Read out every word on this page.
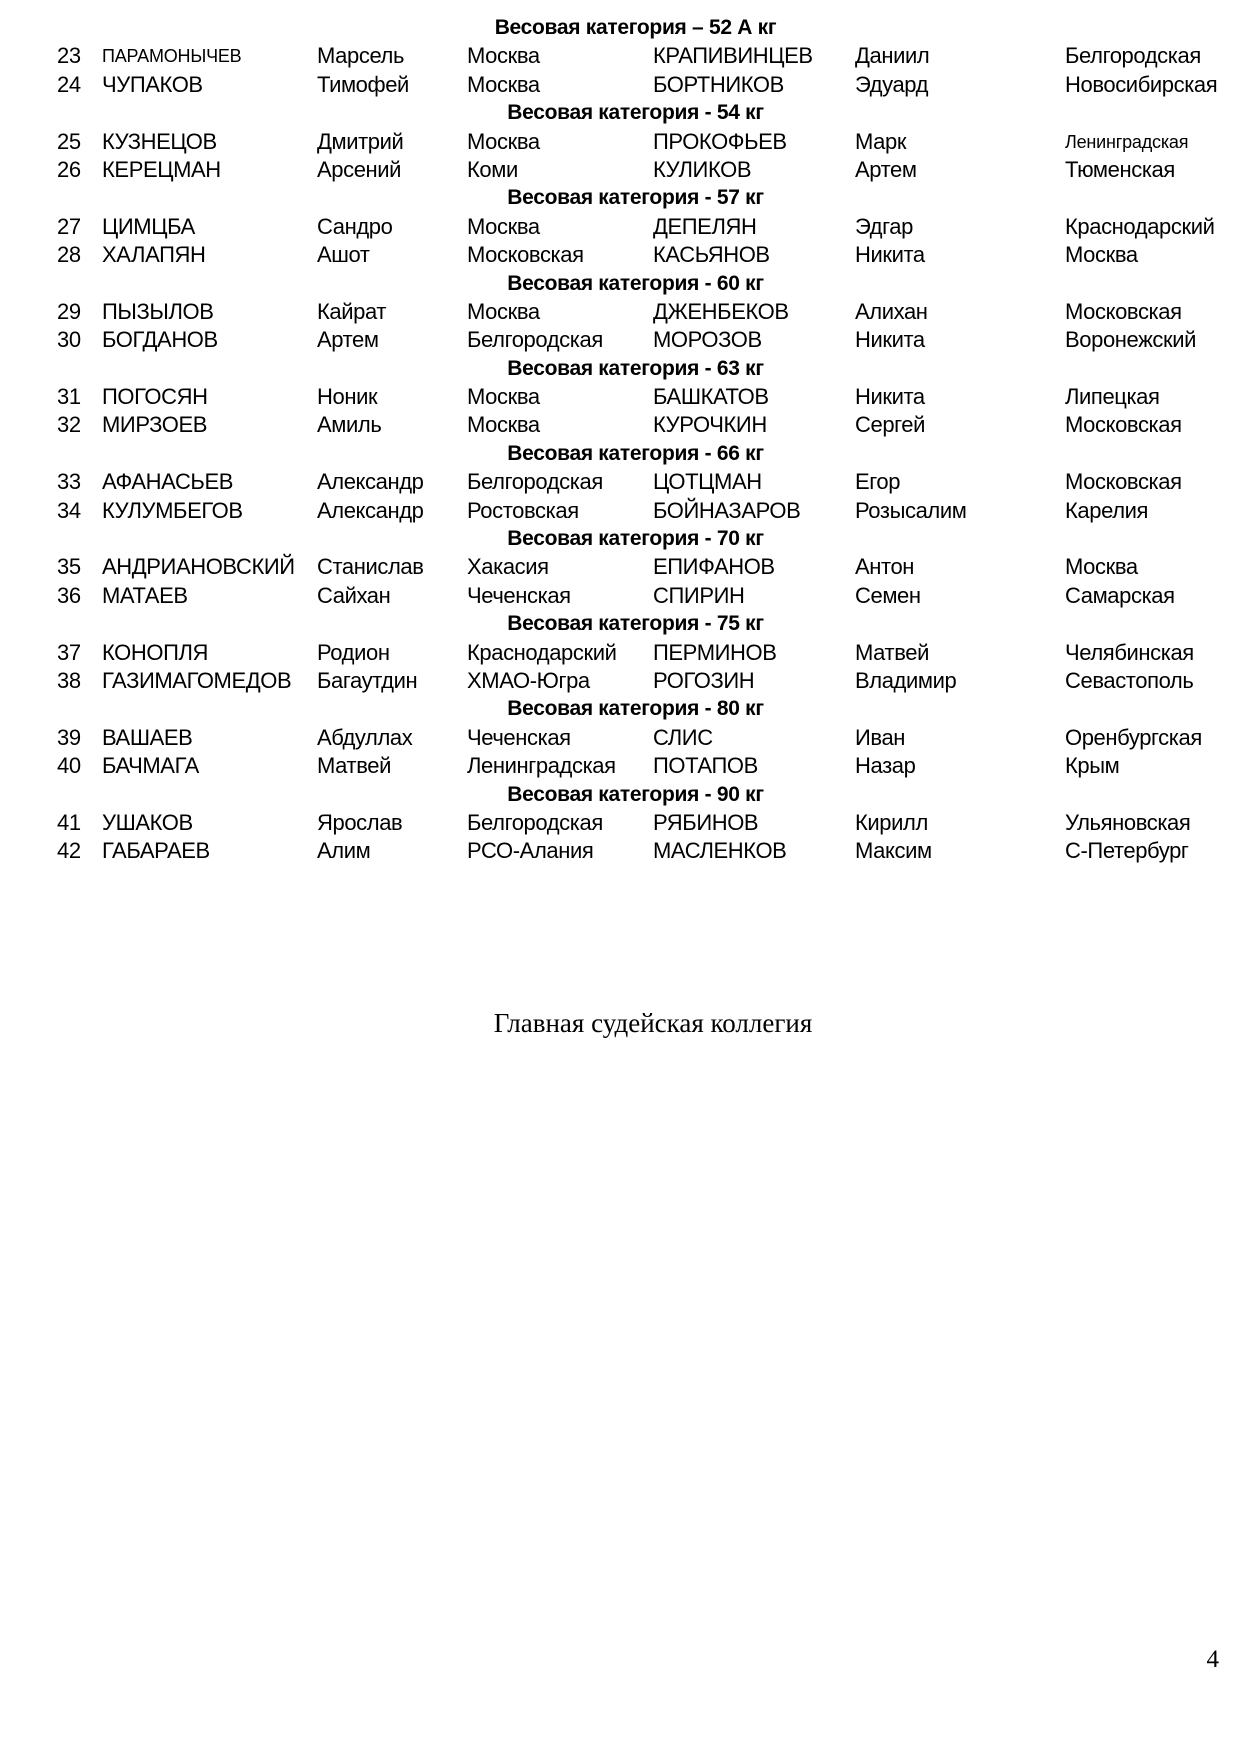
Весовая категория – 52 А кг
23	ПАРАМОНЫЧЕВ	Марсель	Москва	КРАПИВИНЦЕВ	Даниил	Белгородская
24 ЧУПАКОВ	Тимофей	Москва	БОРТНИКОВ	Эдуард	Новосибирская
Весовая категория - 54 кг
25 КУЗНЕЦОВ	Дмитрий	Москва	ПРОКОФЬЕВ	Марк	Ленинградская
26 КЕРЕЦМАН	Арсений	Коми	КУЛИКОВ	Артем	Тюменская
Весовая категория - 57 кг
27 ЦИМЦБА	Сандро	Москва	ДЕПЕЛЯН	Эдгар	Краснодарский
28 ХАЛАПЯН	Ашот	Московская	КАСЬЯНОВ	Никита	Москва
Весовая категория - 60 кг
29 ПЫЗЫЛОВ	Кайрат	Москва	ДЖЕНБЕКОВ	Алихан	Московская
30 БОГДАНОВ	Артем	Белгородская	МОРОЗОВ	Никита	Воронежский
Весовая категория - 63 кг
31 ПОГОСЯН	Ноник	Москва	БАШКАТОВ	Никита	Липецкая
32 МИРЗОЕВ	Амиль	Москва	КУРОЧКИН	Сергей	Московская
Весовая категория - 66 кг
33 АФАНАСЬЕВ	Александр	Белгородская	ЦОТЦМАН	Егор	Московская
34 КУЛУМБЕГОВ	Александр	Ростовская	БОЙНАЗАРОВ	Розысалим	Карелия
Весовая категория - 70 кг
35 АНДРИАНОВСКИЙ	Станислав	Хакасия	ЕПИФАНОВ	Антон	Москва
36 МАТАЕВ	Сайхан	Чеченская	СПИРИН	Семен	Самарская
Весовая категория - 75 кг
37 КОНОПЛЯ	Родион	Краснодарский	ПЕРМИНОВ	Матвей	Челябинская
38 ГАЗИМАГОМЕДОВ	Багаутдин	ХМАО-Югра	РОГОЗИН	Владимир	Севастополь
Весовая категория - 80 кг
39 ВАШАЕВ	Абдуллах	Чеченская	СЛИС	Иван	Оренбургская
40 БАЧМАГА	Матвей	Ленинградская	ПОТАПОВ	Назар	Крым
Весовая категория - 90 кг
41 УШАКОВ	Ярослав	Белгородская	РЯБИНОВ	Кирилл	Ульяновская
42 ГАБАРАЕВ	Алим	РСО-Алания	МАСЛЕНКОВ	Максим	С-Петербург
Главная судейская коллегия
4
